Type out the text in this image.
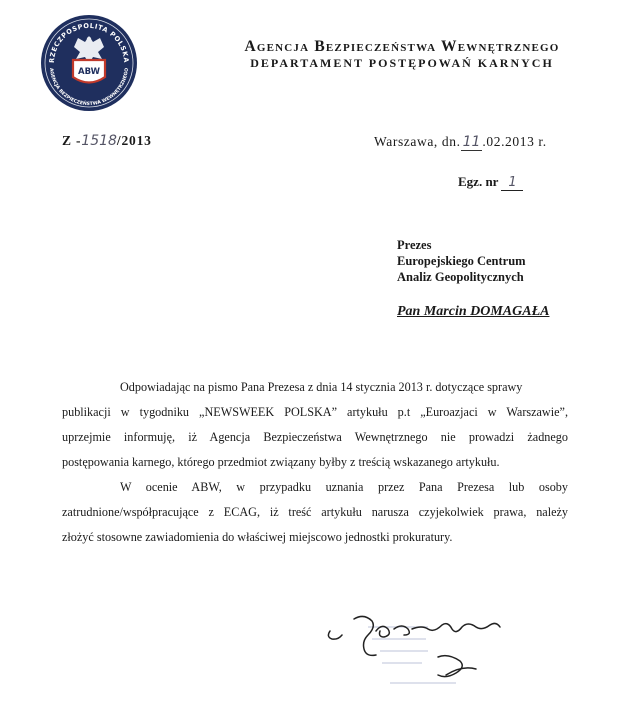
RZECZPOSPOLITA POLSKA
AGENCJA BEZPIECZEŃSTWA WEWNĘTRZNEGO
ABW
Agencja Bezpieczeństwa Wewnętrznego
DEPARTAMENT POSTĘPOWAŃ KARNYCH
Z -1518/2013	Warszawa, dn. 11 .02.2013 r.
Egz. nr 1
Prezes
Europejskiego Centrum
Analiz Geopolitycznych
Pan Marcin DOMAGAŁA
Odpowiadając na pismo Pana Prezesa z dnia 14 stycznia 2013 r. dotyczące sprawy
publikacji w tygodniku „NEWSWEEK POLSKA” artykułu p.t „Euroazjaci w Warszawie”,
uprzejmie informuję, iż Agencja Bezpieczeństwa Wewnętrznego nie prowadzi żadnego
postępowania karnego, którego przedmiot związany byłby z treścią wskazanego artykułu.
W ocenie ABW, w przypadku uznania przez Pana Prezesa lub osoby
zatrudnione/współpracujące z ECAG, iż treść artykułu narusza czyjekolwiek prawa, należy
złożyć stosowne zawiadomienia do właściwej miejscowo jednostki prokuratury.
